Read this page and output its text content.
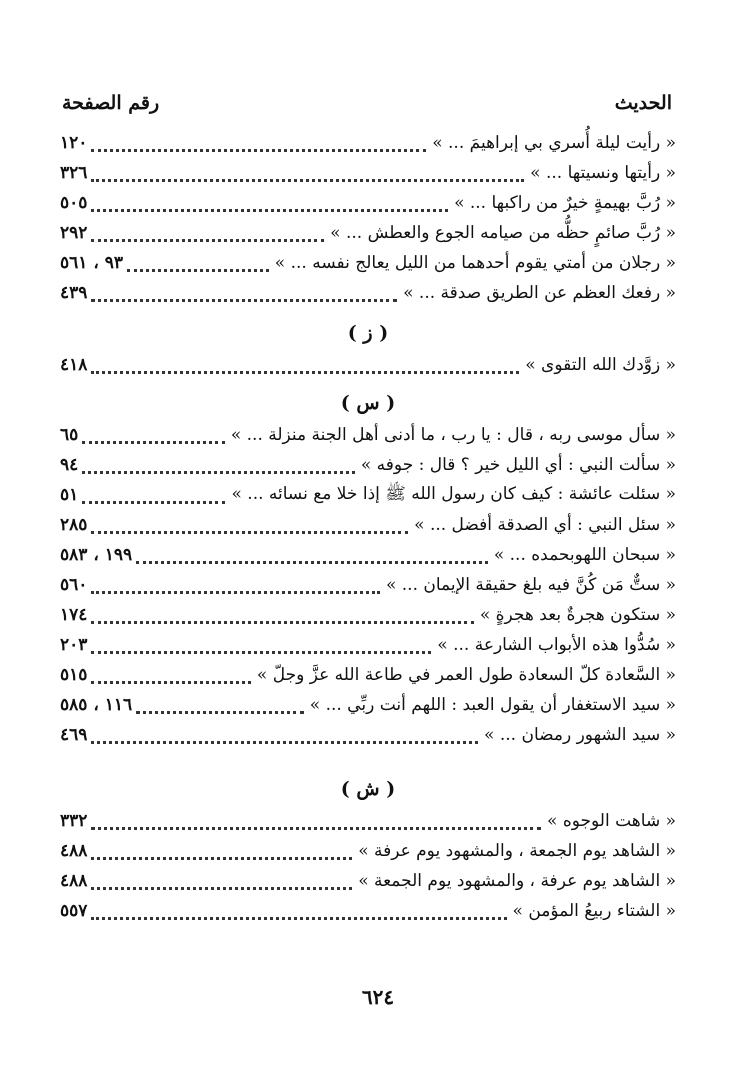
الحديث
رقم الصفحة
« رأيت ليلة أُسري بي إبراهيمَ ... »
١٢٠
« رأيتها ونسيتها ... »
٣٢٦
« رُبَّ بهيمةٍ خيرٌ من راكبها ... »
٥٠٥
« رُبَّ صائمٍ حظُّه من صيامه الجوع والعطش ... »
٢٩٢
« رجلان من أمتي يقوم أحدهما من الليل يعالج نفسه ... »
٩٣ ، ٥٦١
« رفعك العظم عن الطريق صدقة ... »
٤٣٩
( ز )
« زوَّدك الله التقوى »
٤١٨
( س )
« سأل موسى ربه ، قال : يا رب ، ما أدنى أهل الجنة منزلة ... »
٦٥
« سألت النبي : أي الليل خير ؟ قال : جوفه »
٩٤
« سئلت عائشة : كيف كان رسول الله ﷺ إذا خلا مع نسائه ... »
٥١
« سئل النبي : أي الصدقة أفضل ... »
٢٨٥
« سبحان اللهوبحمده ... »
١٩٩ ، ٥٨٣
« ستٌّ مَن كُنَّ فيه بلغ حقيقة الإيمان ... »
٥٦٠
« ستكون هجرةٌ بعد هجرةٍ »
١٧٤
« سُدُّوا هذه الأبواب الشارعة ... »
٢٠٣
« السَّعادة كلّ السعادة طول العمر في طاعة الله عزَّ وجلّ »
٥١٥
« سيد الاستغفار أن يقول العبد : اللهم أنت ربِّي ... »
١١٦ ، ٥٨٥
« سيد الشهور رمضان ... »
٤٦٩
( ش )
« شاهت الوجوه »
٣٣٢
« الشاهد يوم الجمعة ، والمشهود يوم عرفة »
٤٨٨
« الشاهد يوم عرفة ، والمشهود يوم الجمعة »
٤٨٨
« الشتاء ربيعُ المؤمن »
٥٥٧
٦٢٤
